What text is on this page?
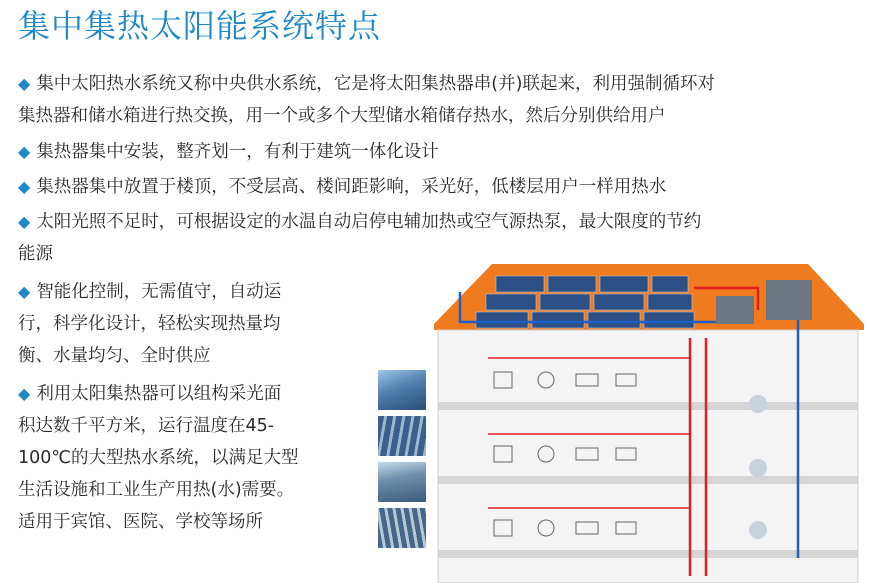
集中集热太阳能系统特点
◆ 集中太阳热水系统又称中央供水系统，它是将太阳集热器串(并)联起来，利用强制循环对
集热器和储水箱进行热交换，用一个或多个大型储水箱储存热水，然后分别供给用户
◆ 集热器集中安装，整齐划一，有利于建筑一体化设计
◆ 集热器集中放置于楼顶，不受层高、楼间距影响，采光好，低楼层用户一样用热水
◆ 太阳光照不足时，可根据设定的水温自动启停电辅加热或空气源热泵，最大限度的节约
能源
◆ 智能化控制，无需值守，自动运
行，科学化设计，轻松实现热量均
衡、水量均匀、全时供应
◆ 利用太阳集热器可以组构采光面
积达数千平方米，运行温度在45-
100℃的大型热水系统，以满足大型
生活设施和工业生产用热(水)需要。
适用于宾馆、医院、学校等场所
